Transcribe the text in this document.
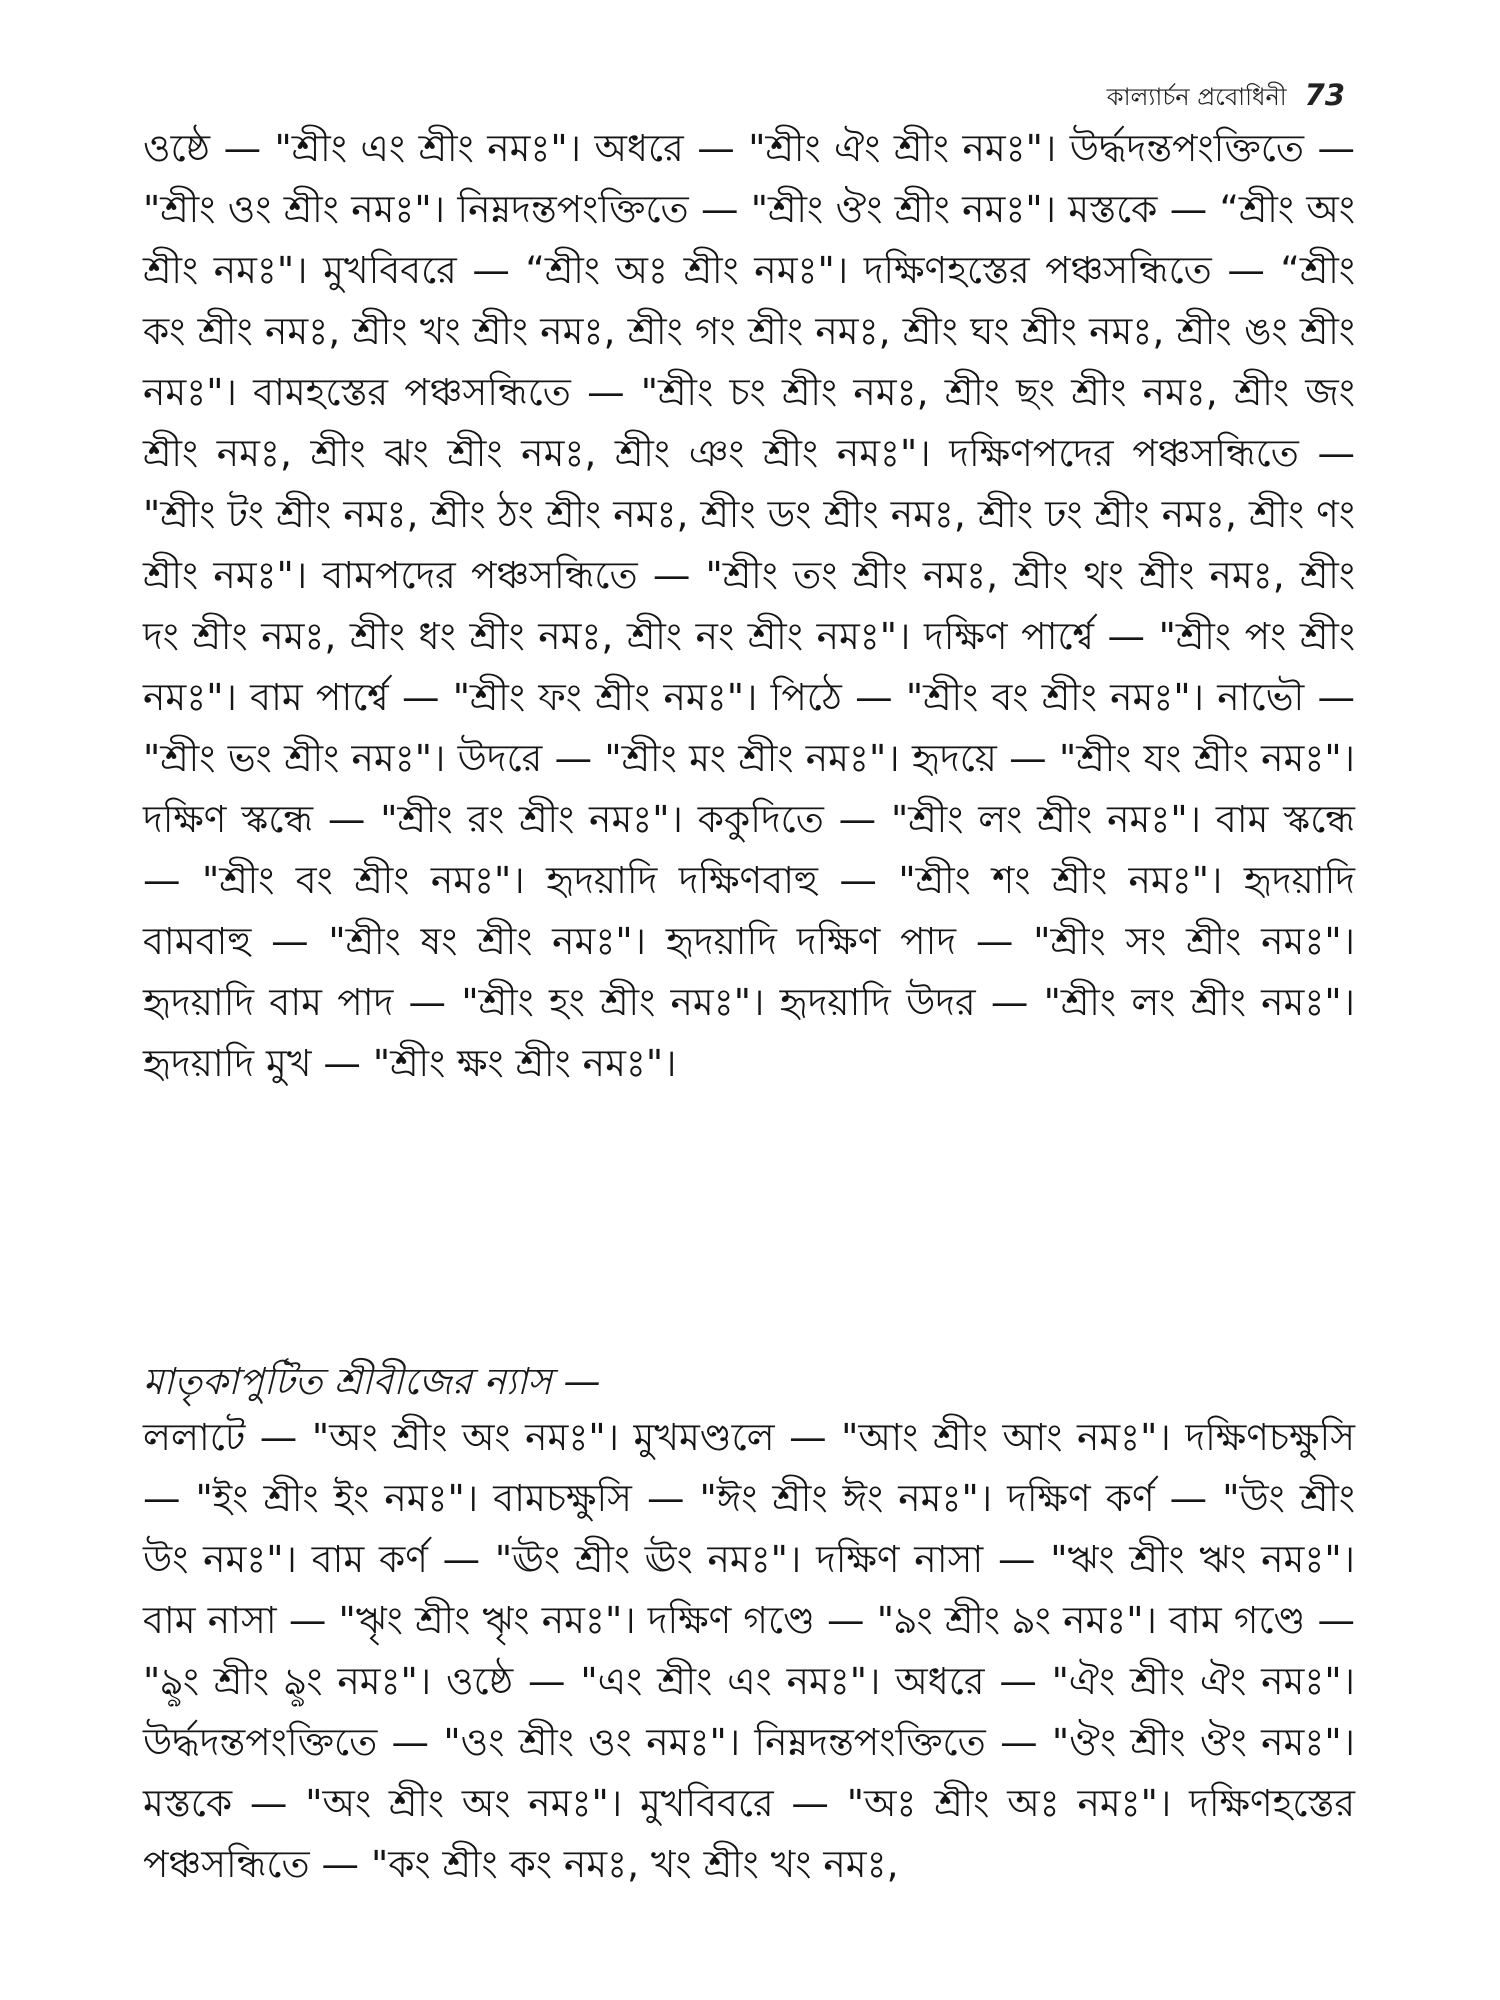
কাল্যার্চন প্রবোধিনী 73

ওষ্ঠে — "শ্রীং এং শ্রীং নমঃ"। অধরে — "শ্রীং ঐং শ্রীং নমঃ"। উর্দ্ধদন্তপংক্তিতে — "শ্রীং ওং শ্রীং নমঃ"। নিম্নদন্তপংক্তিতে — "শ্রীং ঔং শ্রীং নমঃ"। মস্তকে — “শ্রীং অং শ্রীং নমঃ"। মুখবিবরে — “শ্রীং অঃ শ্রীং নমঃ"। দক্ষিণহস্তের পঞ্চসন্ধিতে — “শ্রীং কং শ্রীং নমঃ, শ্রীং খং শ্রীং নমঃ, শ্রীং গং শ্রীং নমঃ, শ্রীং ঘং শ্রীং নমঃ, শ্রীং ঙং শ্রীং নমঃ"। বামহস্তের পঞ্চসন্ধিতে — "শ্রীং চং শ্রীং নমঃ, শ্রীং ছং শ্রীং নমঃ, শ্রীং জং শ্রীং নমঃ, শ্রীং ঝং শ্রীং নমঃ, শ্রীং ঞং শ্রীং নমঃ"। দক্ষিণপদের পঞ্চসন্ধিতে — "শ্রীং টং শ্রীং নমঃ, শ্রীং ঠং শ্রীং নমঃ, শ্রীং ডং শ্রীং নমঃ, শ্রীং ঢং শ্রীং নমঃ, শ্রীং ণং শ্রীং নমঃ"। বামপদের পঞ্চসন্ধিতে — "শ্রীং তং শ্রীং নমঃ, শ্রীং থং শ্রীং নমঃ, শ্রীং দং শ্রীং নমঃ, শ্রীং ধং শ্রীং নমঃ, শ্রীং নং শ্রীং নমঃ"। দক্ষিণ পার্শ্বে — "শ্রীং পং শ্রীং নমঃ"। বাম পার্শ্বে — "শ্রীং ফং শ্রীং নমঃ"। পিঠে — "শ্রীং বং শ্রীং নমঃ"। নাভৌ — "শ্রীং ভং শ্রীং নমঃ"। উদরে — "শ্রীং মং শ্রীং নমঃ"। হৃদয়ে — "শ্রীং যং শ্রীং নমঃ"। দক্ষিণ স্কন্ধে — "শ্রীং রং শ্রীং নমঃ"। ককুদিতে — "শ্রীং লং শ্রীং নমঃ"। বাম স্কন্ধে — "শ্রীং বং শ্রীং নমঃ"। হৃদয়াদি দক্ষিণবাহু — "শ্রীং শং শ্রীং নমঃ"। হৃদয়াদি বামবাহু — "শ্রীং ষং শ্রীং নমঃ"। হৃদয়াদি দক্ষিণ পাদ — "শ্রীং সং শ্রীং নমঃ"। হৃদয়াদি বাম পাদ — "শ্রীং হং শ্রীং নমঃ"। হৃদয়াদি উদর — "শ্রীং লং শ্রীং নমঃ"। হৃদয়াদি মুখ — "শ্রীং ক্ষং শ্রীং নমঃ"।

মাতৃকাপুটিত শ্রীবীজের ন্যাস —

ললাটে — "অং শ্রীং অং নমঃ"। মুখমণ্ডলে — "আং শ্রীং আং নমঃ"। দক্ষিণচক্ষুসি — "ইং শ্রীং ইং নমঃ"। বামচক্ষুসি — "ঈং শ্রীং ঈং নমঃ"। দক্ষিণ কর্ণ — "উং শ্রীং উং নমঃ"। বাম কর্ণ — "ঊং শ্রীং ঊং নমঃ"। দক্ষিণ নাসা — "ঋং শ্রীং ঋং নমঃ"। বাম নাসা — "ৠং শ্রীং ৠং নমঃ"। দক্ষিণ গণ্ডে — "ঌং শ্রীং ঌং নমঃ"। বাম গণ্ডে — "ৡং শ্রীং ৡং নমঃ"। ওষ্ঠে — "এং শ্রীং এং নমঃ"। অধরে — "ঐং শ্রীং ঐং নমঃ"। উর্দ্ধদন্তপংক্তিতে — "ওং শ্রীং ওং নমঃ"। নিম্নদন্তপংক্তিতে — "ঔং শ্রীং ঔং নমঃ"। মস্তকে — "অং শ্রীং অং নমঃ"। মুখবিবরে — "অঃ শ্রীং অঃ নমঃ"। দক্ষিণহস্তের পঞ্চসন্ধিতে — "কং শ্রীং কং নমঃ, খং শ্রীং খং নমঃ,
